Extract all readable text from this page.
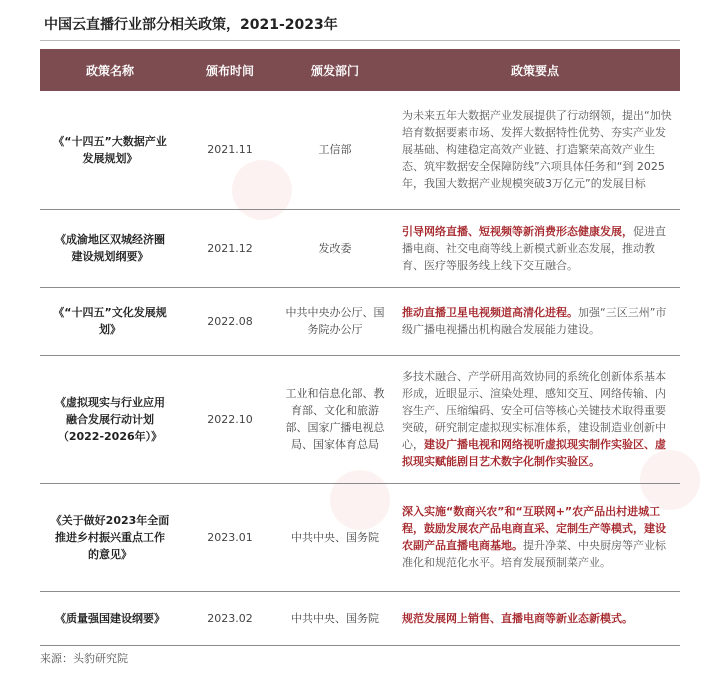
中国云直播行业部分相关政策，2021-2023年
政策名称	颁布时间	颁发部门	政策要点
《“十四五”大数据产业发展规划》	2021.11	工信部	为未来五年大数据产业发展提供了行动纲领，提出“加快培育数据要素市场、发挥大数据特性优势、夯实产业发展基础、构建稳定高效产业链、打造繁荣高效产业生态、筑牢数据安全保障防线”六项具体任务和“到 2025 年，我国大数据产业规模突破3万亿元”的发展目标
《成渝地区双城经济圈建设规划纲要》	2021.12	发改委	引导网络直播、短视频等新消费形态健康发展，促进直播电商、社交电商等线上新模式新业态发展，推动教育、医疗等服务线上线下交互融合。
《“十四五”文化发展规划》	2022.08	中共中央办公厅、国务院办公厅	推动直播卫星电视频道高清化进程。加强“三区三州”市级广播电视播出机构融合发展能力建设。
《虚拟现实与行业应用融合发展行动计划（2022-2026年）》	2022.10	工业和信息化部、教育部、文化和旅游部、国家广播电视总局、国家体育总局	多技术融合、产学研用高效协同的系统化创新体系基本形成，近眼显示、渲染处理、感知交互、网络传输、内容生产、压缩编码、安全可信等核心关键技术取得重要突破，研究制定虚拟现实标准体系，建设制造业创新中心，建设广播电视和网络视听虚拟现实制作实验区、虚拟现实赋能剧目艺术数字化制作实验区。
《关于做好2023年全面推进乡村振兴重点工作的意见》	2023.01	中共中央、国务院	深入实施“数商兴农”和“互联网+”农产品出村进城工程，鼓励发展农产品电商直采、定制生产等模式，建设农副产品直播电商基地。提升净菜、中央厨房等产业标准化和规范化水平。培育发展预制菜产业。
《质量强国建设纲要》	2023.02	中共中央、国务院	规范发展网上销售、直播电商等新业态新模式。
来源：头豹研究院
